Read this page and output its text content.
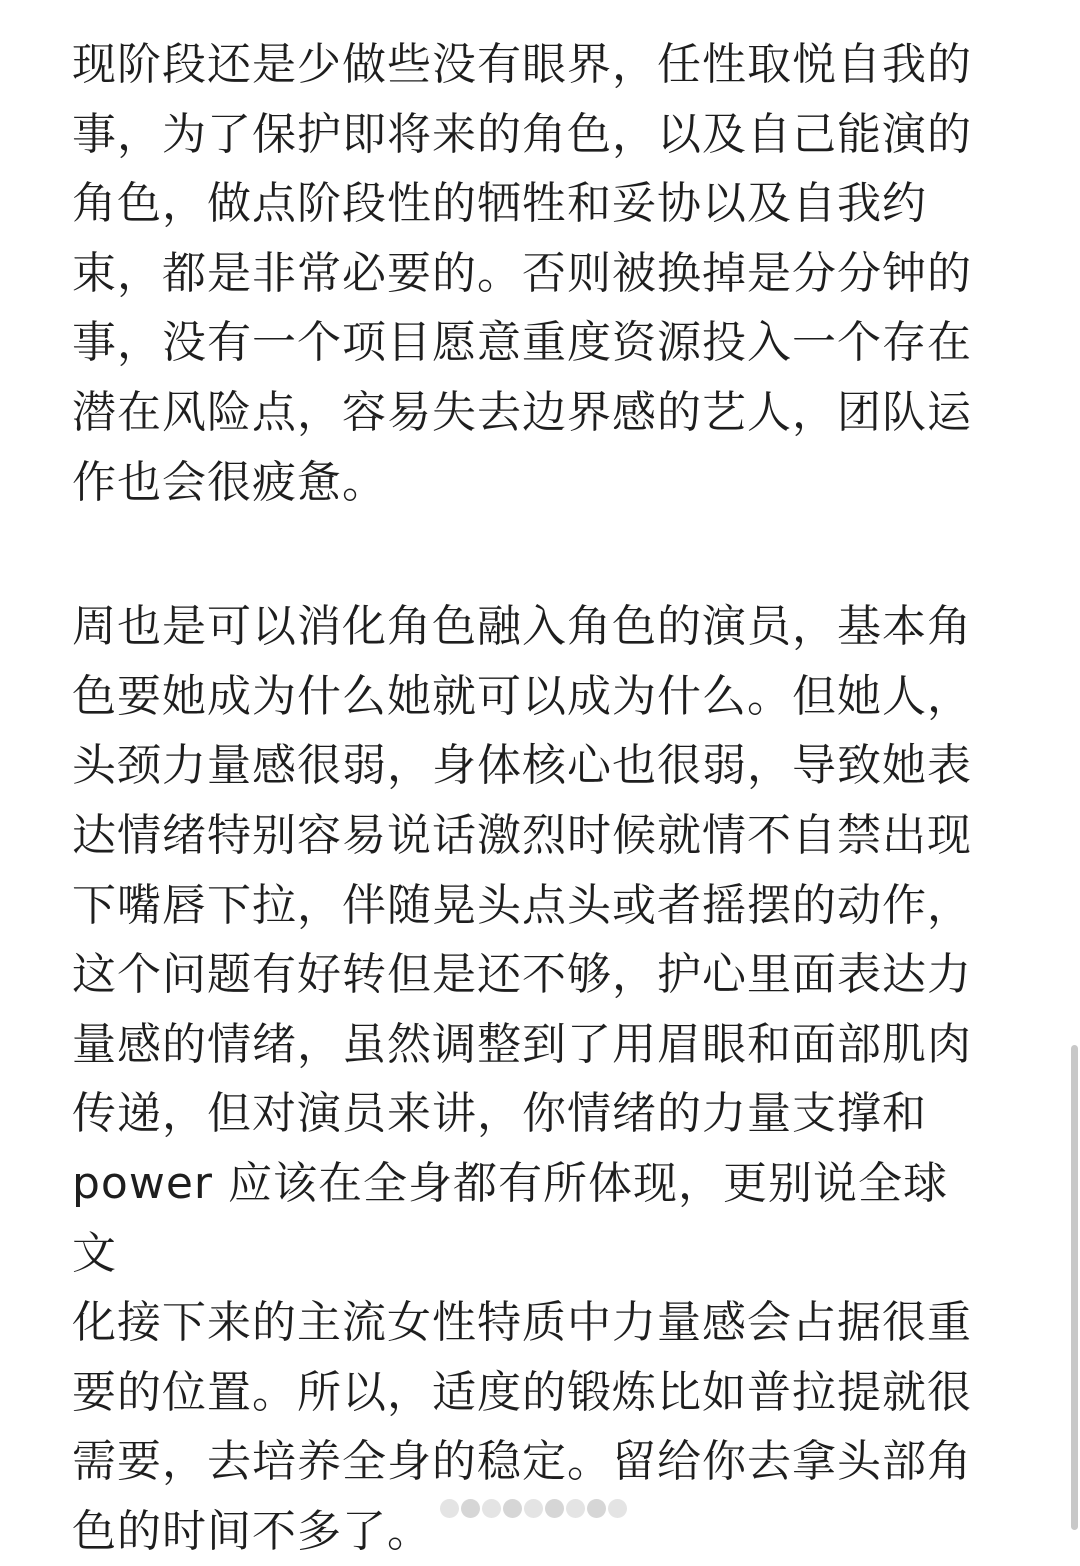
现阶段还是少做些没有眼界，任性取悦自我的
事，为了保护即将来的角色，以及自己能演的
角色，做点阶段性的牺牲和妥协以及自我约
束，都是非常必要的。否则被换掉是分分钟的
事，没有一个项目愿意重度资源投入一个存在
潜在风险点，容易失去边界感的艺人，团队运
作也会很疲惫。

周也是可以消化角色融入角色的演员，基本角
色要她成为什么她就可以成为什么。但她人，
头颈力量感很弱，身体核心也很弱，导致她表
达情绪特别容易说话激烈时候就情不自禁出现
下嘴唇下拉，伴随晃头点头或者摇摆的动作，
这个问题有好转但是还不够，护心里面表达力
量感的情绪，虽然调整到了用眉眼和面部肌肉
传递，但对演员来讲，你情绪的力量支撑和
power 应该在全身都有所体现，更别说全球文
化接下来的主流女性特质中力量感会占据很重
要的位置。所以，适度的锻炼比如普拉提就很
需要，去培养全身的稳定。留给你去拿头部角
色的时间不多了。
